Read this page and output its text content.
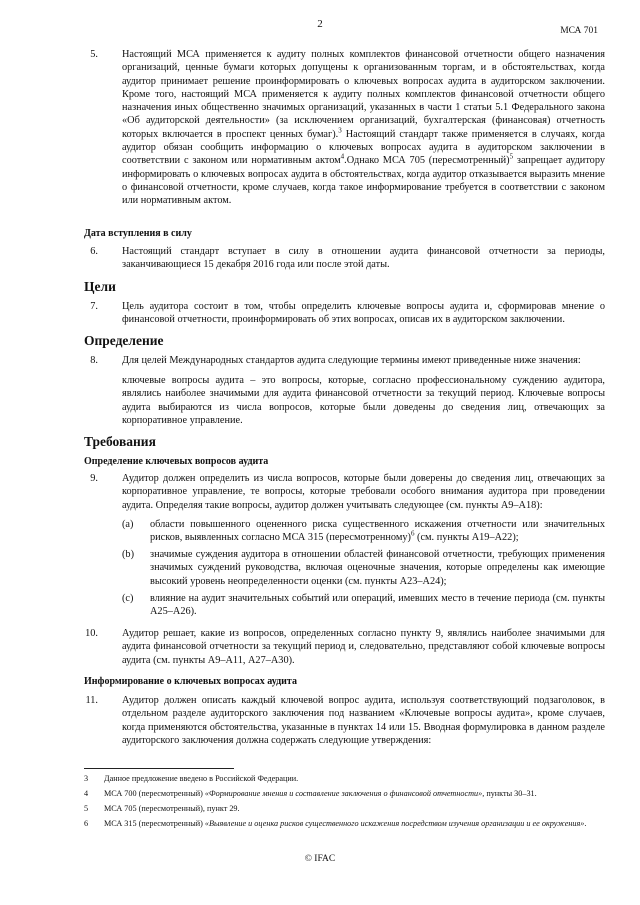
2
МСА 701
5.	Настоящий МСА применяется к аудиту полных комплектов финансовой отчетности общего назначения организаций, ценные бумаги которых допущены к организованным торгам, и в обстоятельствах, когда аудитор принимает решение проинформировать о ключевых вопросах аудита в аудиторском заключении. Кроме того, настоящий МСА применяется к аудиту полных комплектов финансовой отчетности общего назначения иных общественно значимых организаций, указанных в части 1 статьи 5.1 Федерального закона «Об аудиторской деятельности» (за исключением организаций, бухгалтерская (финансовая) отчетность которых включается в проспект ценных бумаг).$^3$ Настоящий стандарт также применяется в случаях, когда аудитор обязан сообщить информацию о ключевых вопросах аудита в аудиторском заключении в соответствии с законом или нормативным актом$^4$.Однако МСА 705 (пересмотренный)$^5$ запрещает аудитору информировать о ключевых вопросах аудита в обстоятельствах, когда аудитор отказывается выразить мнение о финансовой отчетности, кроме случаев, когда такое информирование требуется в соответствии с законом или нормативным актом.
Дата вступления в силу
6.	Настоящий стандарт вступает в силу в отношении аудита финансовой отчетности за периоды, заканчивающиеся 15 декабря 2016 года или после этой даты.
Цели
7.	Цель аудитора состоит в том, чтобы определить ключевые вопросы аудита и, сформировав мнение о финансовой отчетности, проинформировать об этих вопросах, описав их в аудиторском заключении.
Определение
8.	Для целей Международных стандартов аудита следующие термины имеют приведенные ниже значения:
ключевые вопросы аудита – это вопросы, которые, согласно профессиональному суждению аудитора, являлись наиболее значимыми для аудита финансовой отчетности за текущий период. Ключевые вопросы аудита выбираются из числа вопросов, которые были доведены до сведения лиц, отвечающих за корпоративное управление.
Требования
Определение ключевых вопросов аудита
9.	Аудитор должен определить из числа вопросов, которые были доверены до сведения лиц, отвечающих за корпоративное управление, те вопросы, которые требовали особого внимания аудитора при проведении аудита. Определяя такие вопросы, аудитор должен учитывать следующее (см. пункты А9–А18):
(a)	области повышенного оцененного риска существенного искажения отчетности или значительных рисков, выявленных согласно МСА 315 (пересмотренному)$^6$ (см. пункты А19–А22);
(b)	значимые суждения аудитора в отношении областей финансовой отчетности, требующих применения значимых суждений руководства, включая оценочные значения, которые определены как имеющие высокий уровень неопределенности оценки (см. пункты А23–А24);
(c)	влияние на аудит значительных событий или операций, имевших место в течение периода (см. пункты А25–А26).
10.	Аудитор решает, какие из вопросов, определенных согласно пункту 9, являлись наиболее значимыми для аудита финансовой отчетности за текущий период и, следовательно, представляют собой ключевые вопросы аудита (см. пункты А9–А11, А27–А30).
Информирование о ключевых вопросах аудита
11.	Аудитор должен описать каждый ключевой вопрос аудита, используя соответствующий подзаголовок, в отдельном разделе аудиторского заключения под названием «Ключевые вопросы аудита», кроме случаев, когда применяются обстоятельства, указанные в пунктах 14 или 15. Вводная формулировка в данном разделе аудиторского заключения должна содержать следующие утверждения:
3	Данное предложение введено в Российской Федерации.
4	МСА 700 (пересмотренный) «Формирование мнения и составление заключения о финансовой отчетности», пункты 30–31.
5	МСА 705 (пересмотренный), пункт 29.
6	МСА 315 (пересмотренный) «Выявление и оценка рисков существенного искажения посредством изучения организации и ее окружения».
© IFAC
